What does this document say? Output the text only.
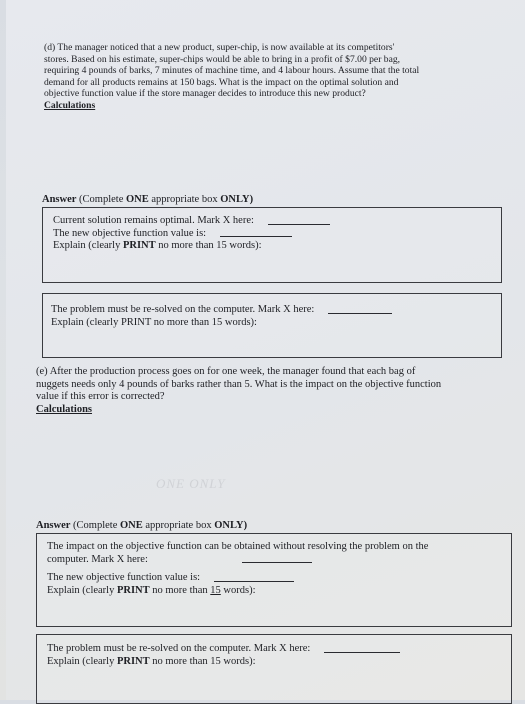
(d) The manager noticed that a new product, super-chip, is now available at its competitors'

stores. Based on his estimate, super-chips would be able to bring in a profit of $7.00 per bag,

requiring 4 pounds of barks, 7 minutes of machine time, and 4 labour hours. Assume that the total

demand for all products remains at 150 bags. What is the impact on the optimal solution and

objective function value if the store manager decides to introduce this new product?

Calculations

Answer (Complete ONE appropriate box ONLY)
Current solution remains optimal. Mark X here:
The new objective function value is:
Explain (clearly
PRINT
no more than 15 words):
The problem must be re-solved on the computer. Mark X here:
Explain (clearly PRINT no more than 15 words):

(e) After the production process goes on for one week, the manager found that each bag of

nuggets needs only 4 pounds of barks rather than 5. What is the impact on the objective function

value if this error is corrected?

Calculations

ONE ONLY
Answer (Complete ONE appropriate box ONLY)
The impact on the objective function can be obtained without resolving the problem on the
computer. Mark X here:
The new objective function value is:
Explain (clearly
PRINT
no more than
15
words):
The problem must be re-solved on the computer. Mark X here:
Explain (clearly
PRINT
no more than 15 words):
